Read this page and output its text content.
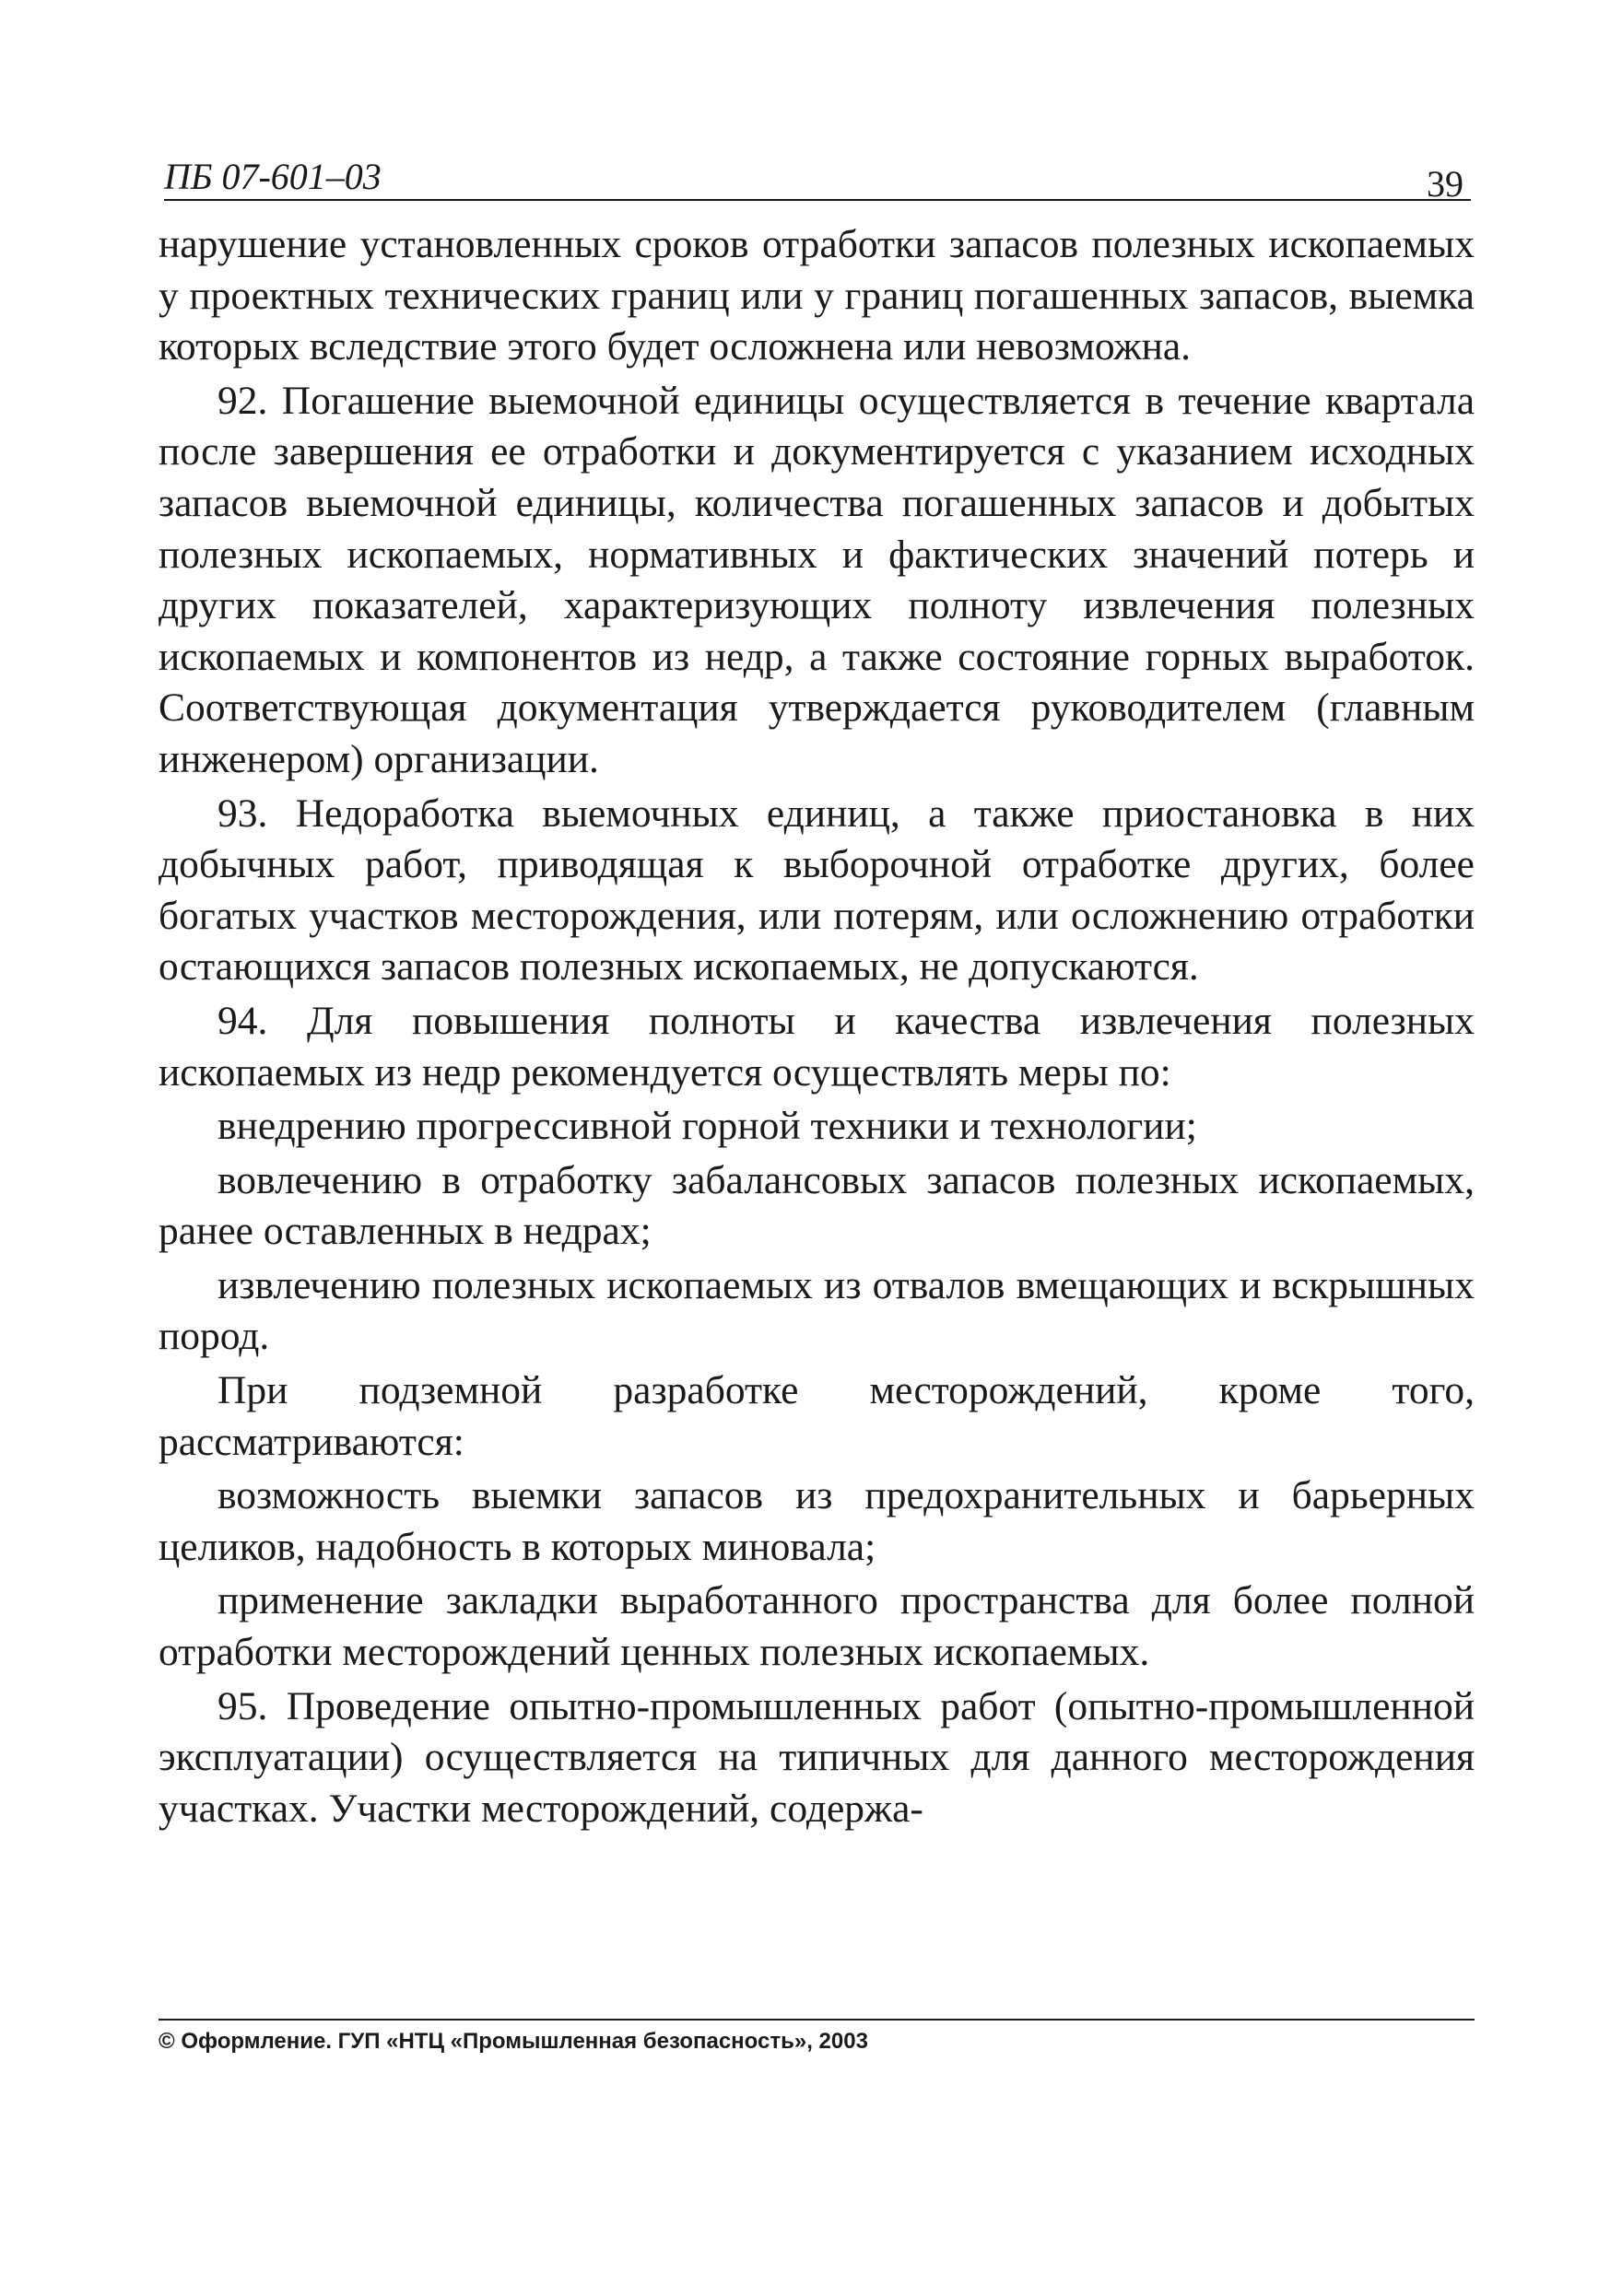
ПБ 07-601–03	39

нарушение установленных сроков отработки запасов полезных ископаемых у проектных технических границ или у границ погашенных запасов, выемка которых вследствие этого будет осложнена или невозможна.

92. Погашение выемочной единицы осуществляется в течение квартала после завершения ее отработки и документируется с указанием исходных запасов выемочной единицы, количества погашенных запасов и добытых полезных ископаемых, нормативных и фактических значений потерь и других показателей, характеризующих полноту извлечения полезных ископаемых и компонентов из недр, а также состояние горных выработок. Соответствующая документация утверждается руководителем (главным инженером) организации.

93. Недоработка выемочных единиц, а также приостановка в них добычных работ, приводящая к выборочной отработке других, более богатых участков месторождения, или потерям, или осложнению отработки остающихся запасов полезных ископаемых, не допускаются.

94. Для повышения полноты и качества извлечения полезных ископаемых из недр рекомендуется осуществлять меры по:

внедрению прогрессивной горной техники и технологии;

вовлечению в отработку забалансовых запасов полезных ископаемых, ранее оставленных в недрах;

извлечению полезных ископаемых из отвалов вмещающих и вскрышных пород.

При подземной разработке месторождений, кроме того, рассматриваются:

возможность выемки запасов из предохранительных и барьерных целиков, надобность в которых миновала;

применение закладки выработанного пространства для более полной отработки месторождений ценных полезных ископаемых.

95. Проведение опытно-промышленных работ (опытно-промышленной эксплуатации) осуществляется на типичных для данного месторождения участках. Участки месторождений, содержа-

© Оформление. ГУП «НТЦ «Промышленная безопасность», 2003
